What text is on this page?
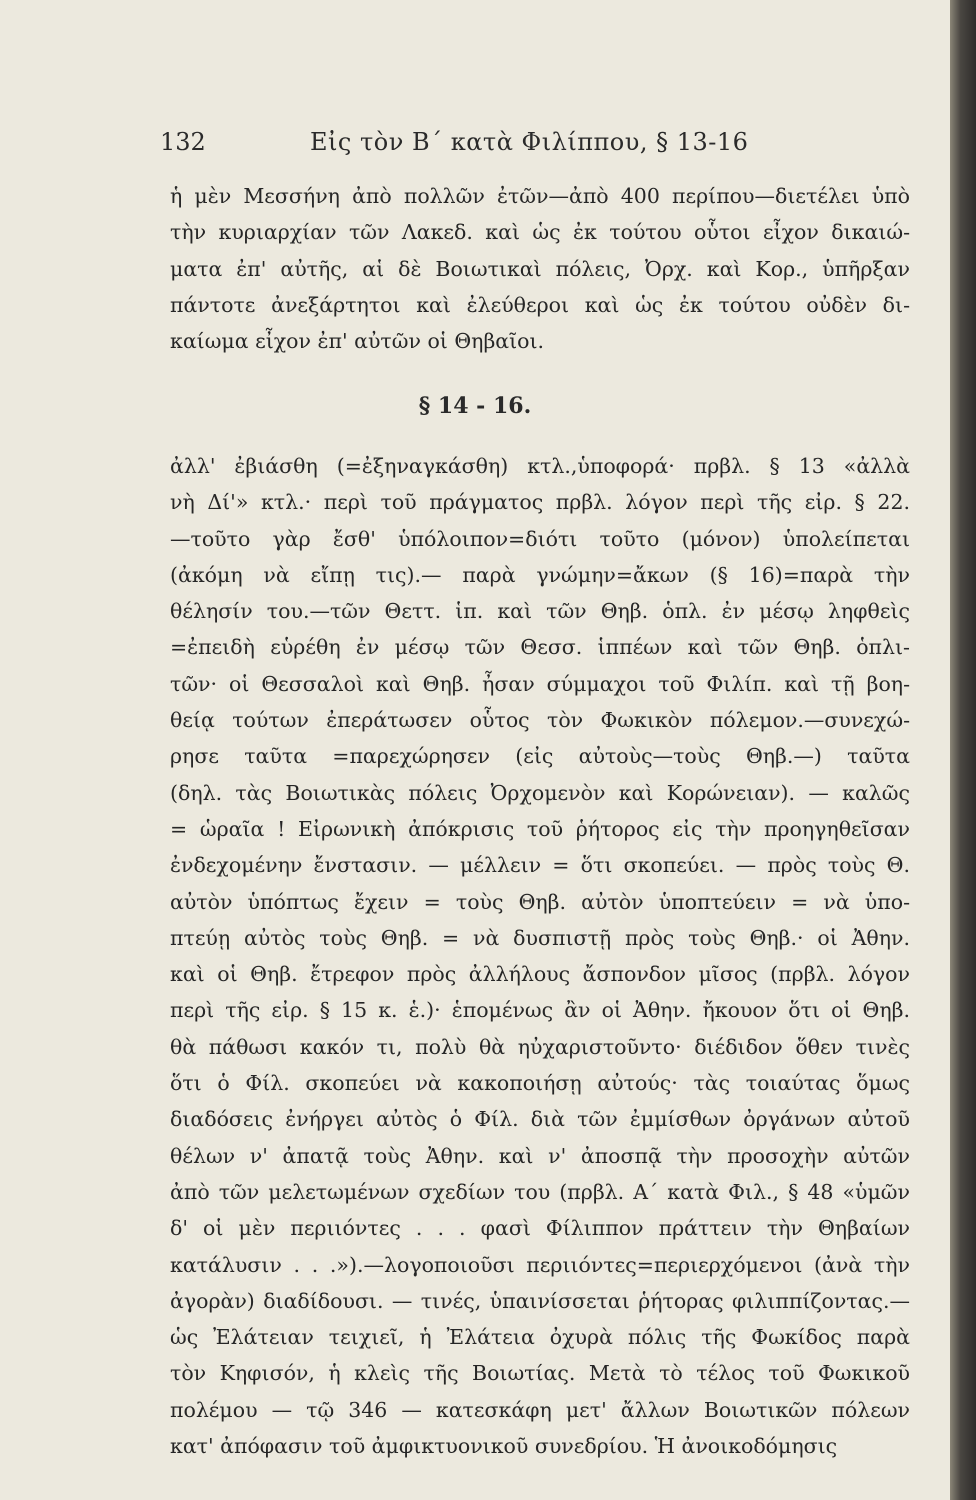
132	Εἰς τὸν Β΄ κατὰ Φιλίππου, § 13-16
ἡ μὲν Μεσσήνη ἀπὸ πολλῶν ἐτῶν—ἀπὸ 400 περίπου—διετέλει ὑπὸ
τὴν κυριαρχίαν τῶν Λακεδ. καὶ ὡς ἐκ τούτου οὗτοι εἶχον δικαιώ-
ματα ἐπ' αὐτῆς, αἱ δὲ Βοιωτικαὶ πόλεις, Ὀρχ. καὶ Κορ., ὑπῆρξαν
πάντοτε ἀνεξάρτητοι καὶ ἐλεύθεροι καὶ ὡς ἐκ τούτου οὐδὲν δι-
καίωμα εἶχον ἐπ' αὐτῶν οἱ Θηβαῖοι.
§ 14 - 16.
ἀλλ' ἐβιάσθη (=ἐξηναγκάσθη) κτλ.,ὑποφορά· πρβλ. § 13 «ἀλλὰ
νὴ Δί'» κτλ.· περὶ τοῦ πράγματος πρβλ. λόγον περὶ τῆς εἰρ. § 22.
—τοῦτο γὰρ ἔσθ' ὑπόλοιπον=διότι τοῦτο (μόνον) ὑπολείπεται
(ἀκόμη νὰ εἴπῃ τις).— παρὰ γνώμην=ἄκων (§ 16)=παρὰ τὴν
θέλησίν του.—τῶν Θεττ. ἱπ. καὶ τῶν Θηβ. ὁπλ. ἐν μέσῳ ληφθεὶς
=ἐπειδὴ εὑρέθη ἐν μέσῳ τῶν Θεσσ. ἱππέων καὶ τῶν Θηβ. ὁπλι-
τῶν· οἱ Θεσσαλοὶ καὶ Θηβ. ἦσαν σύμμαχοι τοῦ Φιλίπ. καὶ τῇ βοη-
θείᾳ τούτων ἐπεράτωσεν οὗτος τὸν Φωκικὸν πόλεμον.—συνεχώ-
ρησε ταῦτα =παρεχώρησεν (εἰς αὐτοὺς—τοὺς Θηβ.—) ταῦτα
(δηλ. τὰς Βοιωτικὰς πόλεις Ὀρχομενὸν καὶ Κορώνειαν). — καλῶς
= ὡραῖα ! Εἰρωνικὴ ἀπόκρισις τοῦ ῥήτορος εἰς τὴν προηγηθεῖσαν
ἐνδεχομένην ἔνστασιν. — μέλλειν = ὅτι σκοπεύει. — πρὸς τοὺς Θ.
αὐτὸν ὑπόπτως ἔχειν = τοὺς Θηβ. αὐτὸν ὑποπτεύειν = νὰ ὑπο-
πτεύῃ αὐτὸς τοὺς Θηβ. = νὰ δυσπιστῇ πρὸς τοὺς Θηβ.· οἱ Ἀθην.
καὶ οἱ Θηβ. ἔτρεφον πρὸς ἀλλήλους ἄσπονδον μῖσος (πρβλ. λόγον
περὶ τῆς εἰρ. § 15 κ. ἑ.)· ἑπομένως ἂν οἱ Ἀθην. ἤκουον ὅτι οἱ Θηβ.
θὰ πάθωσι κακόν τι, πολὺ θὰ ηὐχαριστοῦντο· διέδιδον ὅθεν τινὲς
ὅτι ὁ Φίλ. σκοπεύει νὰ κακοποιήσῃ αὐτούς· τὰς τοιαύτας ὅμως
διαδόσεις ἐνήργει αὐτὸς ὁ Φίλ. διὰ τῶν ἐμμίσθων ὀργάνων αὐτοῦ
θέλων ν' ἀπατᾷ τοὺς Ἀθην. καὶ ν' ἀποσπᾷ τὴν προσοχὴν αὐτῶν
ἀπὸ τῶν μελετωμένων σχεδίων του (πρβλ. Α΄ κατὰ Φιλ., § 48 «ὑμῶν
δ' οἱ μὲν περιιόντες . . . φασὶ Φίλιππον πράττειν τὴν Θηβαίων
κατάλυσιν . . .»).—λογοποιοῦσι περιιόντες=περιερχόμενοι (ἀνὰ τὴν
ἀγορὰν) διαδίδουσι. — τινές, ὑπαινίσσεται ῥήτορας φιλιππίζοντας.—
ὡς Ἐλάτειαν τειχιεῖ, ἡ Ἐλάτεια ὀχυρὰ πόλις τῆς Φωκίδος παρὰ
τὸν Κηφισόν, ἡ κλεὶς τῆς Βοιωτίας. Μετὰ τὸ τέλος τοῦ Φωκικοῦ
πολέμου — τῷ 346 — κατεσκάφη μετ' ἄλλων Βοιωτικῶν πόλεων
κατ' ἀπόφασιν τοῦ ἀμφικτυονικοῦ συνεδρίου. Ἡ ἀνοικοδόμησις
